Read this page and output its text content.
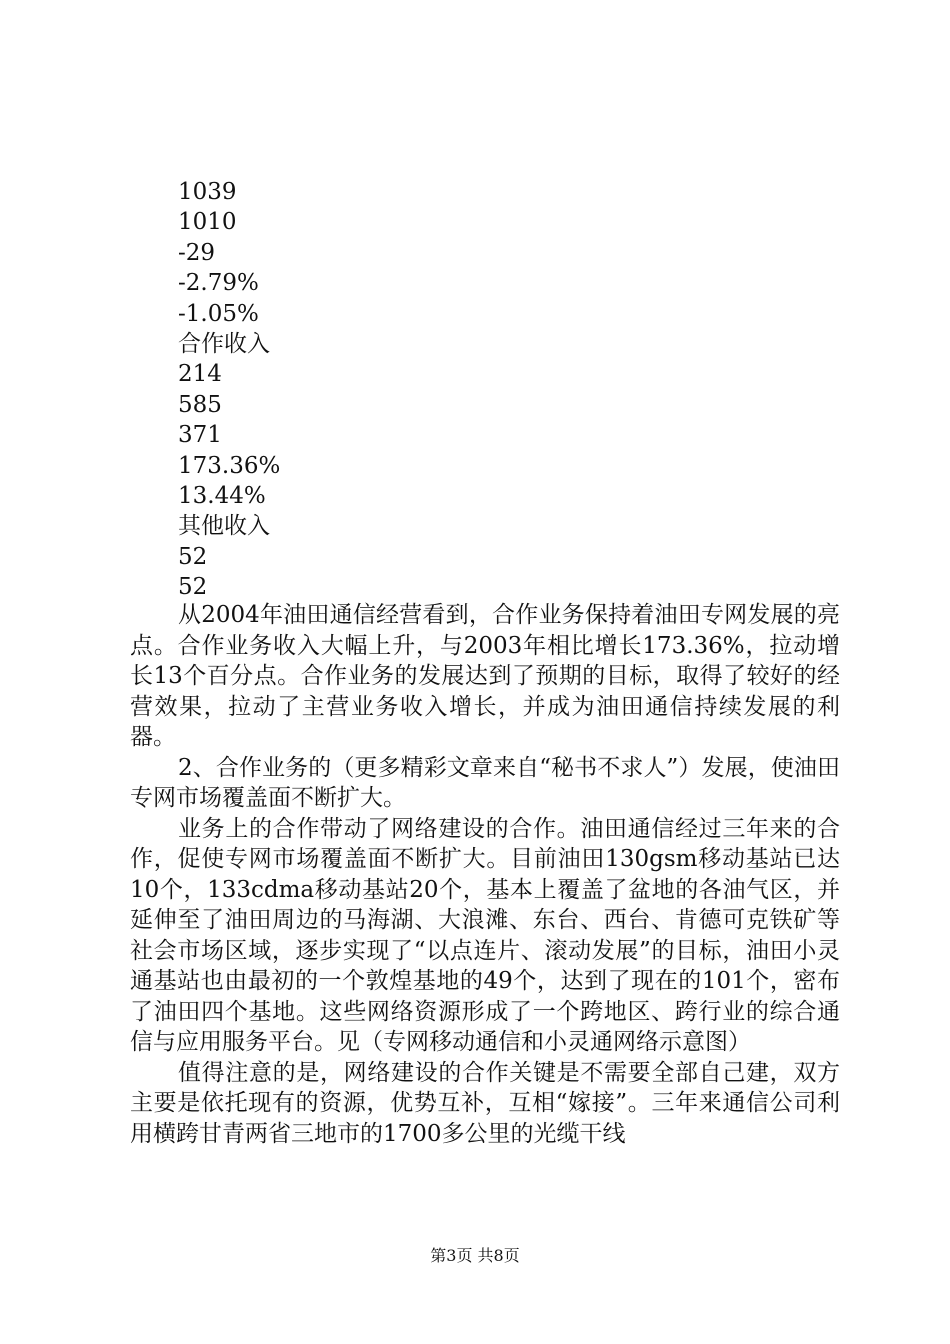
1039
1010
-29
-2.79%
-1.05%
合作收入
214
585
371
173.36%
13.44%
其他收入
52
52

从2004年油田通信经营看到，合作业务保持着油田专网发展的亮点。合作业务收入大幅上升，与2003年相比增长173.36%，拉动增长13个百分点。合作业务的发展达到了预期的目标，取得了较好的经营效果，拉动了主营业务收入增长，并成为油田通信持续发展的利器。

2、合作业务的（更多精彩文章来自“秘书不求人”）发展，使油田专网市场覆盖面不断扩大。

业务上的合作带动了网络建设的合作。油田通信经过三年来的合作，促使专网市场覆盖面不断扩大。目前油田130gsm移动基站已达10个，133cdma移动基站20个，基本上覆盖了盆地的各油气区，并延伸至了油田周边的马海湖、大浪滩、东台、西台、肯德可克铁矿等社会市场区域，逐步实现了“以点连片、滚动发展”的目标，油田小灵通基站也由最初的一个敦煌基地的49个，达到了现在的101个，密布了油田四个基地。这些网络资源形成了一个跨地区、跨行业的综合通信与应用服务平台。见（专网移动通信和小灵通网络示意图）

值得注意的是，网络建设的合作关键是不需要全部自己建，双方主要是依托现有的资源，优势互补，互相“嫁接”。三年来通信公司利用横跨甘青两省三地市的1700多公里的光缆干线

第3页 共8页
